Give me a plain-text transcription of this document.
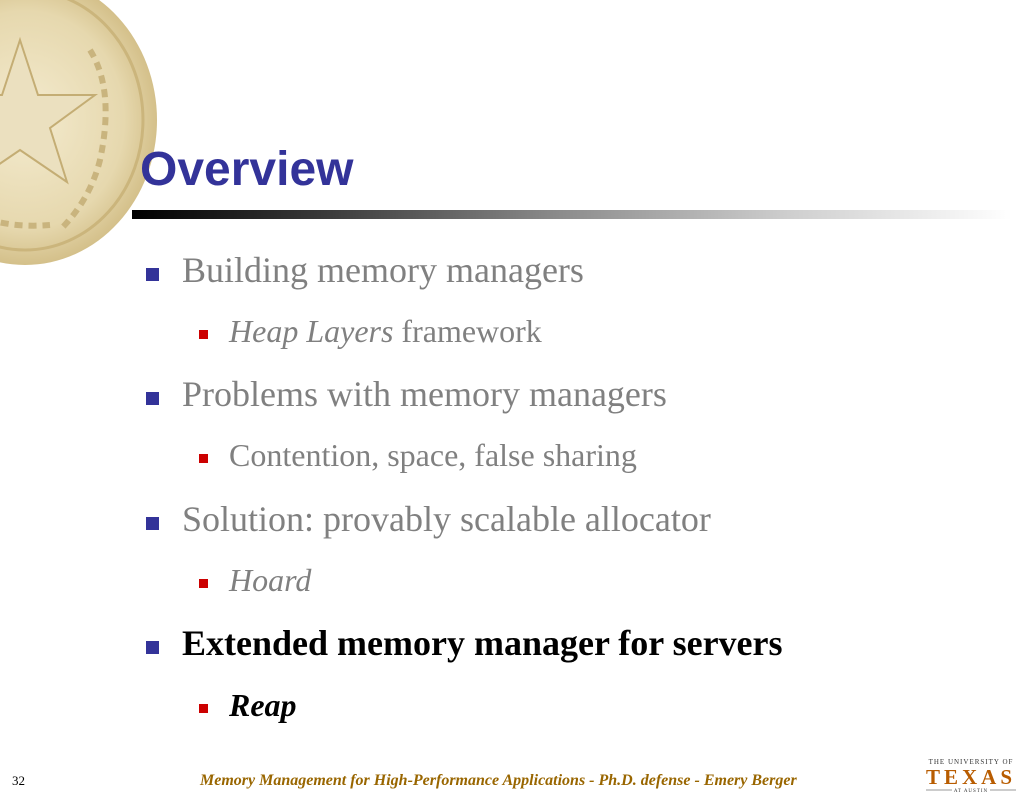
Overview
Building memory managers
Heap Layers framework
Problems with memory managers
Contention, space, false sharing
Solution: provably scalable allocator
Hoard
Extended memory manager for servers
Reap
32	Memory Management for High-Performance Applications - Ph.D. defense - Emery Berger
THE UNIVERSITY OF
TEXAS
AT AUSTIN
